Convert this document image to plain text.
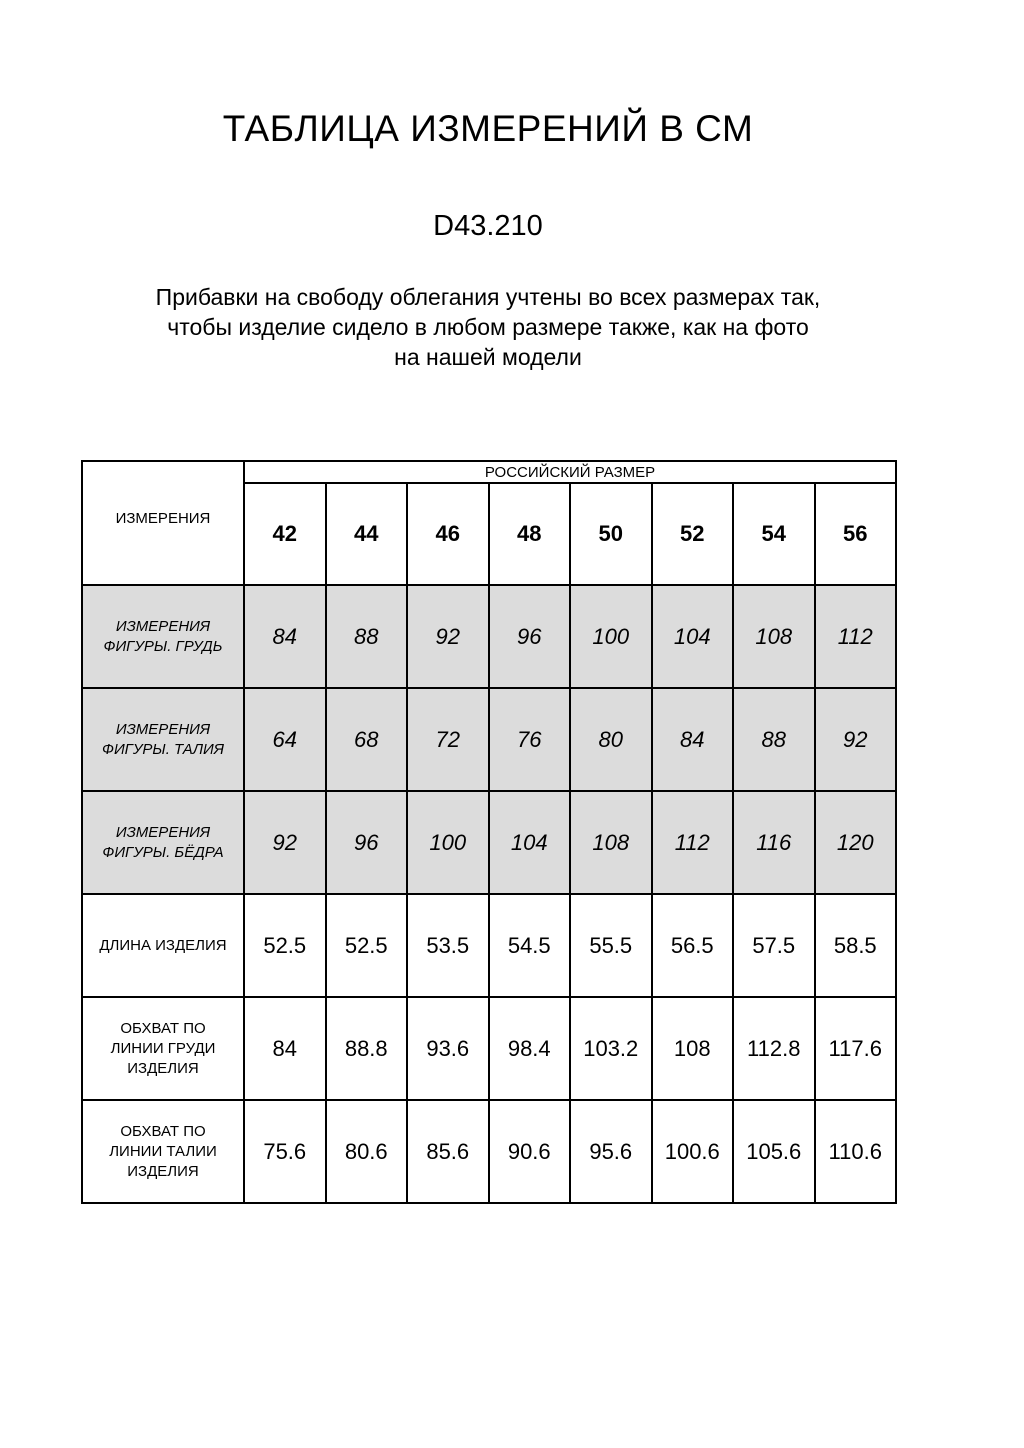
ТАБЛИЦА ИЗМЕРЕНИЙ В СМ
D43.210
Прибавки на свободу облегания учтены во всех размерах так,
чтобы изделие сидело в любом размере также, как на фото
на нашей модели
ИЗМЕРЕНИЯ	РОССИЙСКИЙ РАЗМЕР							
	42	44	46	48	50	52	54	56

ИЗМЕРЕНИЯ
ФИГУРЫ. ГРУДЬ	84	88	92	96	100	104	108	112

ИЗМЕРЕНИЯ
ФИГУРЫ. ТАЛИЯ	64	68	72	76	80	84	88	92

ИЗМЕРЕНИЯ
ФИГУРЫ. БЁДРА	92	96	100	104	108	112	116	120

ДЛИНА ИЗДЕЛИЯ	52.5	52.5	53.5	54.5	55.5	56.5	57.5	58.5

ОБХВАТ ПО
ЛИНИИ ГРУДИ
ИЗДЕЛИЯ	84	88.8	93.6	98.4	103.2	108	112.8	117.6

ОБХВАТ ПО
ЛИНИИ ТАЛИИ
ИЗДЕЛИЯ	75.6	80.6	85.6	90.6	95.6	100.6	105.6	110.6
